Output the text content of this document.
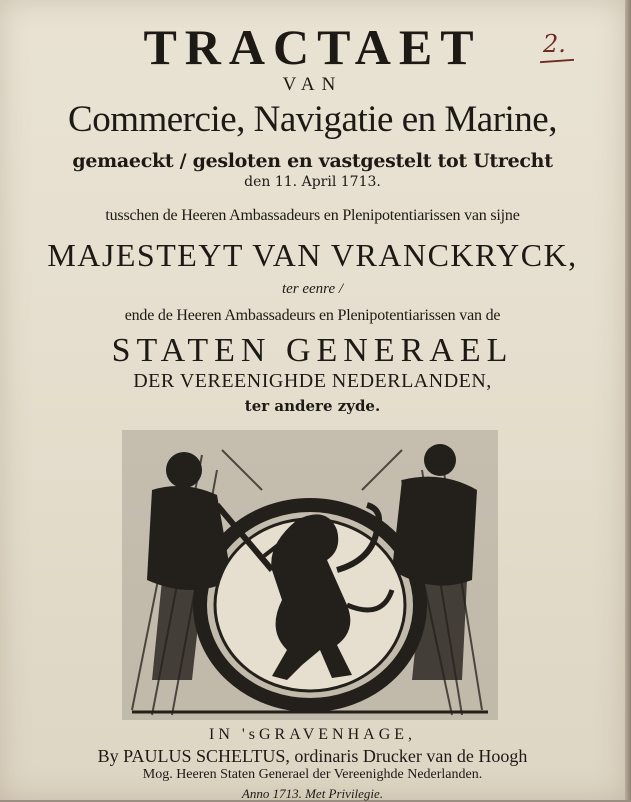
TRACTAET	2.
VAN
Commercie, Navigatie en Marine,
gemaeckt / gesloten en vastgestelt tot Utrecht
den 11. April 1713.
tusschen de Heeren Ambassadeurs en Plenipotentiarissen van sijne
MAJESTEYT VAN VRANCKRYCK,
ter eenre /
ende de Heeren Ambassadeurs en Plenipotentiarissen van de
STATEN GENERAEL
DER VEREENIGHDE NEDERLANDEN,
ter andere zyde.
IN 'sGRAVENHAGE,
By PAULUS SCHELTUS, ordinaris Drucker van de Hoogh
Mog. Heeren Staten Generael der Vereenighde Nederlanden.
Anno 1713. Met Privilegie.
